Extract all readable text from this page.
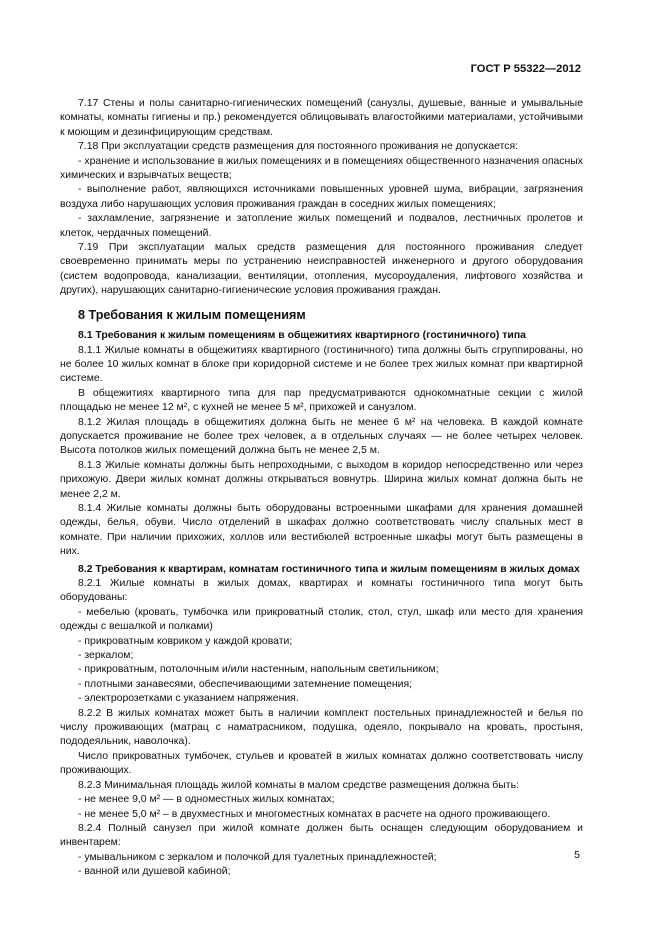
ГОСТ Р 55322—2012

7.17 Стены и полы санитарно-гигиенических помещений (санузлы, душевые, ванные и умывальные комнаты, комнаты гигиены и пр.) рекомендуется облицовывать влагостойкими материалами, устойчивыми к моющим и дезинфицирующим средствам.

7.18 При эксплуатации средств размещения для постоянного проживания не допускается:

- хранение и использование в жилых помещениях и в помещениях общественного назначения опасных химических и взрывчатых веществ;

- выполнение работ, являющихся источниками повышенных уровней шума, вибрации, загрязнения воздуха либо нарушающих условия проживания граждан в соседних жилых помещениях;

- захламление, загрязнение и затопление жилых помещений и подвалов, лестничных пролетов и клеток, чердачных помещений.

7.19 При эксплуатации малых средств размещения для постоянного проживания следует своевременно принимать меры по устранению неисправностей инженерного и другого оборудования (систем водопровода, канализации, вентиляции, отопления, мусороудаления, лифтового хозяйства и других), нарушающих санитарно-гигиенические условия проживания граждан.

8 Требования к жилым помещениям

8.1 Требования к жилым помещениям в общежитиях квартирного (гостиничного) типа

8.1.1 Жилые комнаты в общежитиях квартирного (гостиничного) типа должны быть сгруппированы, но не более 10 жилых комнат в блоке при коридорной системе и не более трех жилых комнат при квартирной системе.

В общежитиях квартирного типа для пар предусматриваются однокомнатные секции с жилой площадью не менее 12 м², с кухней не менее 5 м², прихожей и санузлом.

8.1.2 Жилая площадь в общежитиях должна быть не менее 6 м² на человека. В каждой комнате допускается проживание не более трех человек, а в отдельных случаях — не более четырех человек. Высота потолков жилых помещений должна быть не менее 2,5 м.

8.1.3 Жилые комнаты должны быть непроходными, с выходом в коридор непосредственно или через прихожую. Двери жилых комнат должны открываться вовнутрь. Ширина жилых комнат должна быть не менее 2,2 м.

8.1.4 Жилые комнаты должны быть оборудованы встроенными шкафами для хранения домашней одежды, белья, обуви. Число отделений в шкафах должно соответствовать числу спальных мест в комнате. При наличии прихожих, холлов или вестибюлей встроенные шкафы могут быть размещены в них.

8.2 Требования к квартирам, комнатам гостиничного типа и жилым помещениям в жилых домах

8.2.1 Жилые комнаты в жилых домах, квартирах и комнаты гостиничного типа могут быть оборудованы:

- мебелью (кровать, тумбочка или прикроватный столик, стол, стул, шкаф или место для хранения одежды с вешалкой и полками)

- прикроватным ковриком у каждой кровати;

- зеркалом;

- прикроватным, потолочным и/или настенным, напольным светильником;

- плотными занавесями, обеспечивающими затемнение помещения;

- электророзетками с указанием напряжения.

8.2.2 В жилых комнатах может быть в наличии комплект постельных принадлежностей и белья по числу проживающих (матрац с наматрасником, подушка, одеяло, покрывало на кровать, простыня, пододеяльник, наволочка).

Число прикроватных тумбочек, стульев и кроватей в жилых комнатах должно соответствовать числу проживающих.

8.2.3 Минимальная площадь жилой комнаты в малом средстве размещения должна быть:

- не менее 9,0 м² — в одноместных жилых комнатах;

- не менее 5,0 м² – в двухместных и многоместных комнатах в расчете на одного проживающего.

8.2.4 Полный санузел при жилой комнате должен быть оснащен следующим оборудованием и инвентарем:

- умывальником с зеркалом и полочкой для туалетных принадлежностей;

- ванной или душевой кабиной;

5
